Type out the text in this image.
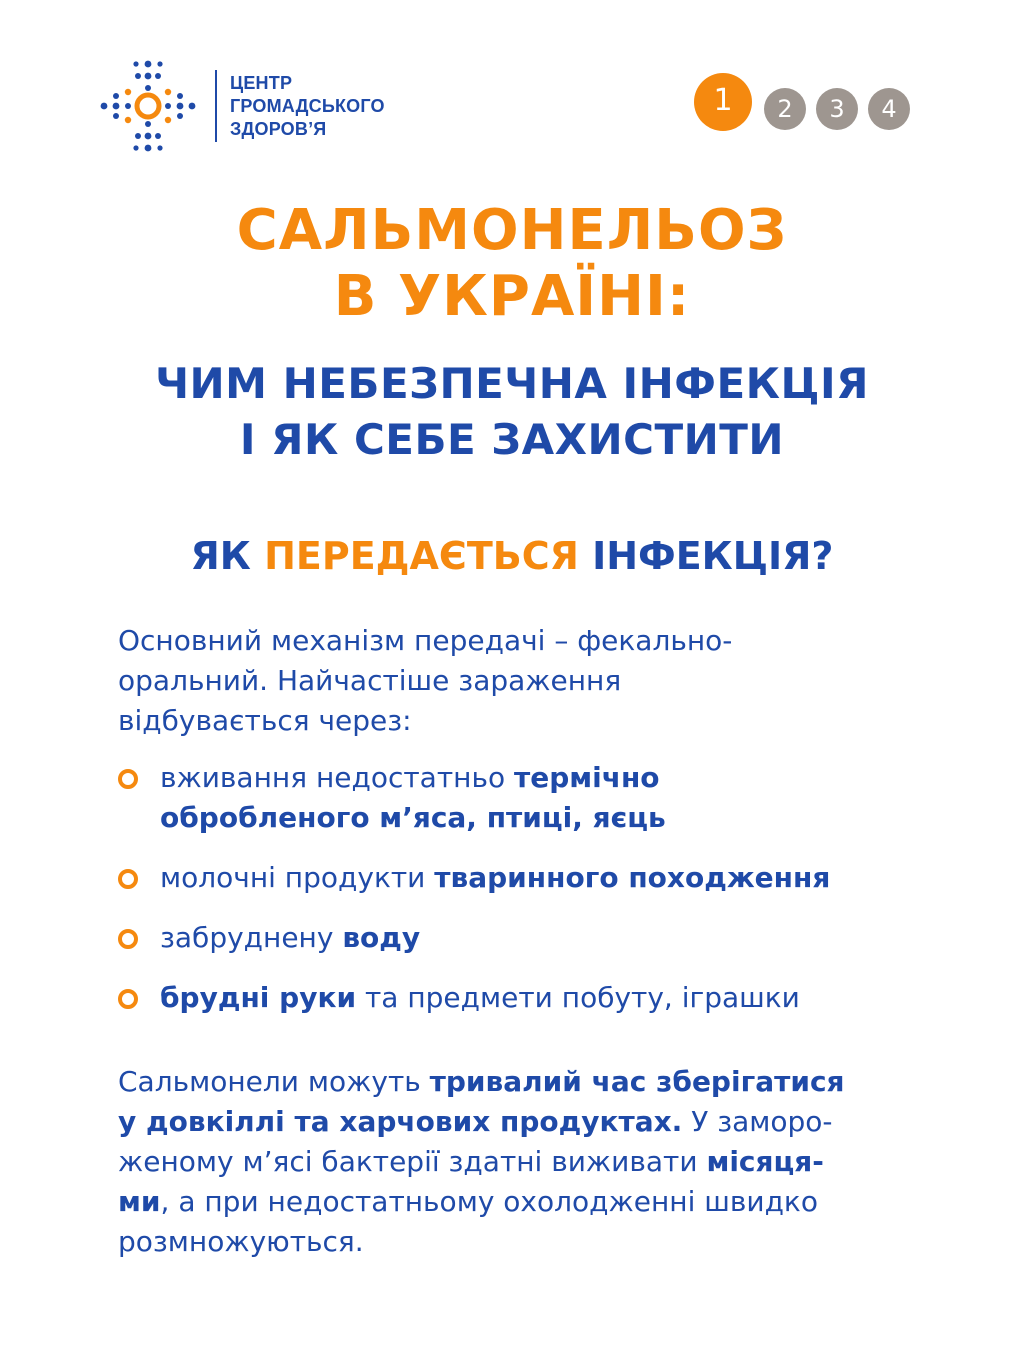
ЦЕНТР
ГРОМАДСЬКОГО
ЗДОРОВ’Я

1	2	3	4
САЛЬМОНЕЛЬОЗ
В УКРАЇНІ:
ЧИМ НЕБЕЗПЕЧНА ІНФЕКЦІЯ
І ЯК СЕБЕ ЗАХИСТИТИ
ЯК ПЕРЕДАЄТЬСЯ ІНФЕКЦІЯ?

Основний механізм передачі – фекально-
оральний. Найчастіше зараження
відбувається через:

вживання недостатньо термічно
обробленого м’яса, птиці, яєць
молочні продукти тваринного походження
забруднену воду
брудні руки та предмети побуту, іграшки

Сальмонели можуть тривалий час зберігатися
у довкіллі та харчових продуктах. У заморо-
женому м’ясі бактерії здатні виживати місяця-
ми, а при недостатньому охолодженні швидко
розмножуються.
